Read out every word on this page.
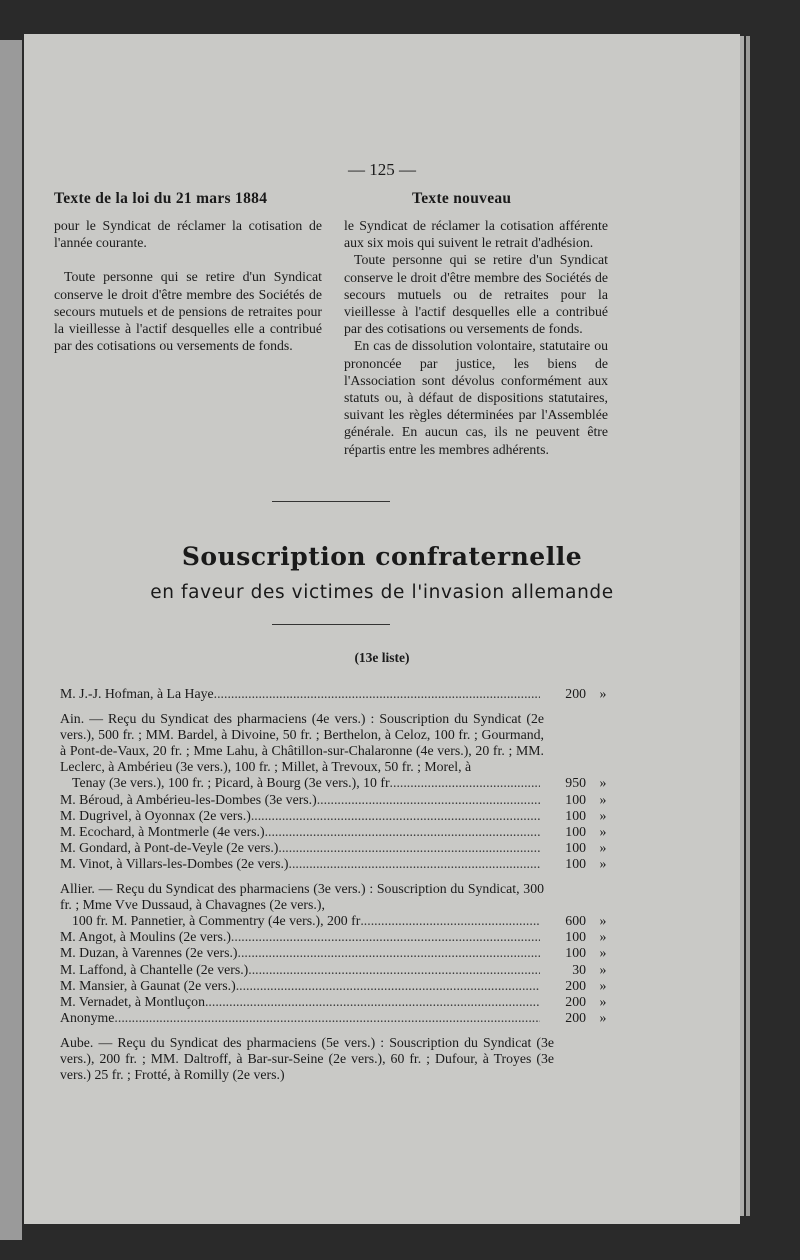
— 125 —
Texte de la loi du 21 mars 1884	Texte nouveau

pour le Syndicat de réclamer la cotisation de l'année courante.

Toute personne qui se retire d'un Syndicat conserve le droit d'être membre des Sociétés de secours mutuels et de pensions de retraites pour la vieillesse à l'actif desquelles elle a contribué par des cotisations ou versements de fonds.

le Syndicat de réclamer la cotisation afférente aux six mois qui suivent le retrait d'adhésion.

Toute personne qui se retire d'un Syndicat conserve le droit d'être membre des Sociétés de secours mutuels ou de retraites pour la vieillesse à l'actif desquelles elle a contribué par des cotisations ou versements de fonds.

En cas de dissolution volontaire, statutaire ou prononcée par justice, les biens de l'Association sont dévolus conformément aux statuts ou, à défaut de dispositions statutaires, suivant les règles déterminées par l'Assemblée générale. En aucun cas, ils ne peuvent être répartis entre les membres adhérents.

Souscription confraternelle
en faveur des victimes de l'invasion allemande
(13e liste)
M. J.-J. Hofman, à La Haye .....	200 »
Ain. — Reçu du Syndicat des pharmaciens (4e vers.) : Souscription du Syndicat (2e vers.), 500 fr. ; MM. Bardel, à Divoine, 50 fr. ; Berthelon, à Celoz, 100 fr. ; Gourmand, à Pont-de-Vaux, 20 fr. ; Mme Lahu, à Châtillon-sur-Chalaronne (4e vers.), 20 fr. ; MM. Leclerc, à Ambérieu (3e vers.), 100 fr. ; Millet, à Trevoux, 50 fr. ; Morel, à
Tenay (3e vers.), 100 fr. ; Picard, à Bourg (3e vers.), 10 fr .....	950 »
M. Béroud, à Ambérieu-les-Dombes (3e vers.) .....	100 »
M. Dugrivel, à Oyonnax (2e vers.) .....	100 »
M. Ecochard, à Montmerle (4e vers.) .....	100 »
M. Gondard, à Pont-de-Veyle (2e vers.) .....	100 »
M. Vinot, à Villars-les-Dombes (2e vers.) .....	100 »
Allier. — Reçu du Syndicat des pharmaciens (3e vers.) : Souscription du Syndicat, 300 fr. ; Mme Vve Dussaud, à Chavagnes (2e vers.),
100 fr. M. Pannetier, à Commentry (4e vers.), 200 fr .....	600 »
M. Angot, à Moulins (2e vers.) .....	100 »
M. Duzan, à Varennes (2e vers.) .....	100 »
M. Laffond, à Chantelle (2e vers.) .....	30 »
M. Mansier, à Gaunat (2e vers.) .....	200 »
M. Vernadet, à Montluçon .....	200 »
Anonyme .....	200 »
Aube. — Reçu du Syndicat des pharmaciens (5e vers.) : Souscription du Syndicat (3e vers.), 200 fr. ; MM. Daltroff, à Bar-sur-Seine (2e vers.), 60 fr. ; Dufour, à Troyes (3e vers.) 25 fr. ; Frotté, à Romilly (2e vers.)
